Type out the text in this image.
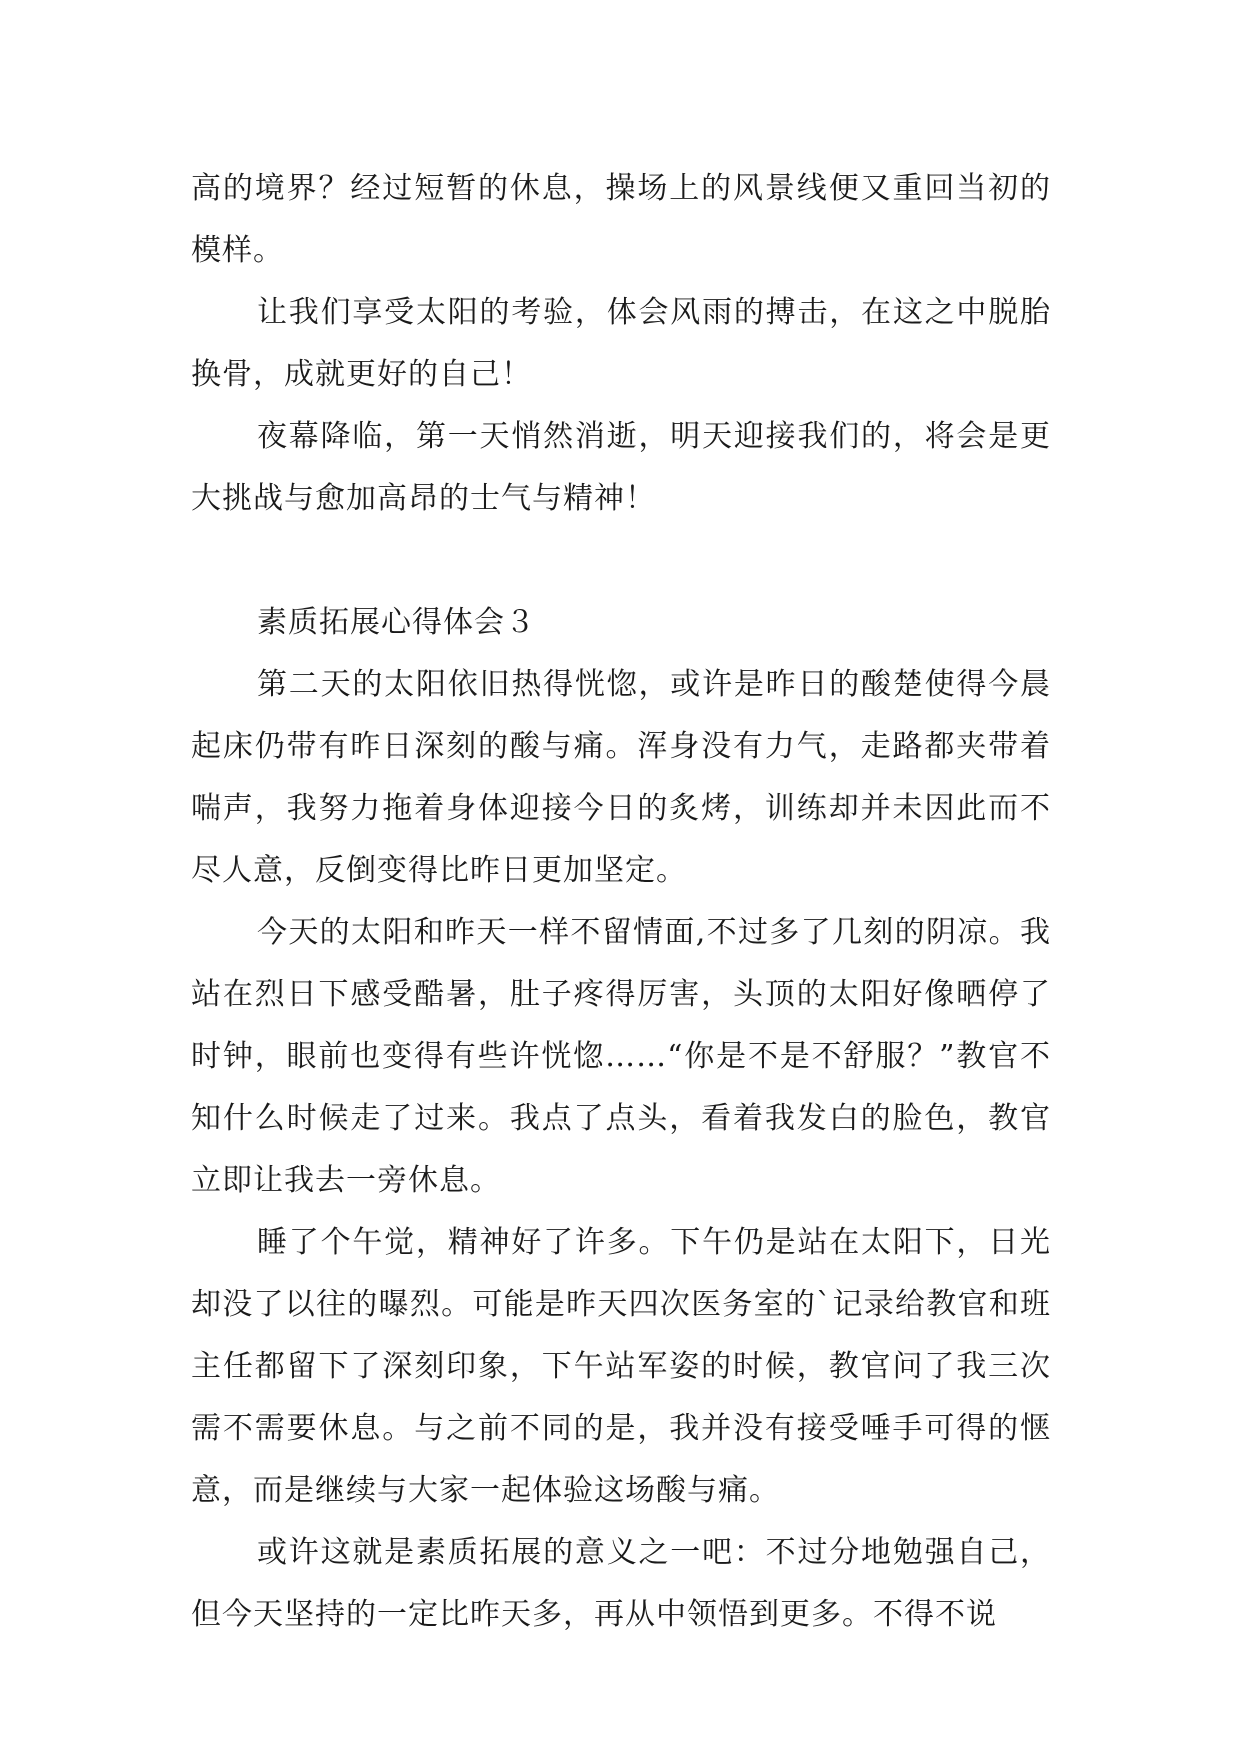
高的境界？经过短暂的休息，操场上的风景线便又重回当初的模样。

让我们享受太阳的考验，体会风雨的搏击，在这之中脱胎换骨，成就更好的自己！

夜幕降临，第一天悄然消逝，明天迎接我们的，将会是更大挑战与愈加高昂的士气与精神！

素质拓展心得体会３

第二天的太阳依旧热得恍惚，或许是昨日的酸楚使得今晨起床仍带有昨日深刻的酸与痛。浑身没有力气，走路都夹带着喘声，我努力拖着身体迎接今日的炙烤，训练却并未因此而不尽人意，反倒变得比昨日更加坚定。

今天的太阳和昨天一样不留情面,不过多了几刻的阴凉。我站在烈日下感受酷暑，肚子疼得厉害，头顶的太阳好像晒停了时钟，眼前也变得有些许恍惚……“你是不是不舒服？”教官不知什么时候走了过来。我点了点头，看着我发白的脸色，教官立即让我去一旁休息。

睡了个午觉，精神好了许多。下午仍是站在太阳下，日光却没了以往的曝烈。可能是昨天四次医务室的`记录给教官和班主任都留下了深刻印象，下午站军姿的时候，教官问了我三次需不需要休息。与之前不同的是，我并没有接受唾手可得的惬意，而是继续与大家一起体验这场酸与痛。

或许这就是素质拓展的意义之一吧：不过分地勉强自己，但今天坚持的一定比昨天多，再从中领悟到更多。不得不说
